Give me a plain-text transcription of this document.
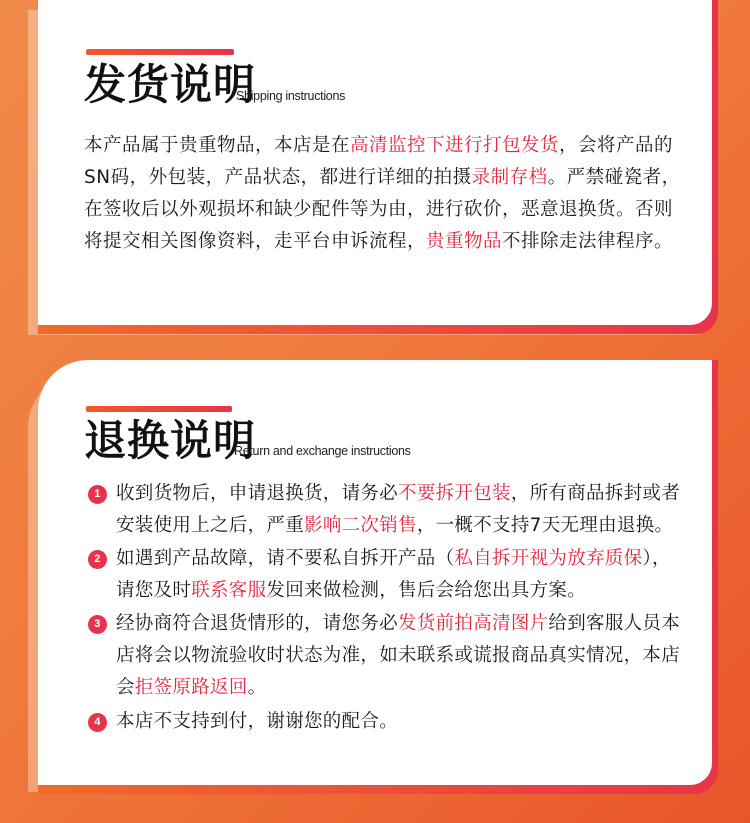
发货说明
Shipping instructions
本产品属于贵重物品，本店是在高清监控下进行打包发货，会将产品的SN码，外包装，产品状态，都进行详细的拍摄录制存档。严禁碰瓷者，在签收后以外观损坏和缺少配件等为由，进行砍价，恶意退换货。否则将提交相关图像资料，走平台申诉流程，贵重物品不排除走法律程序。
退换说明
Return and exchange instructions
1 收到货物后，申请退换货，请务必不要拆开包装，所有商品拆封或者安装使用上之后，严重影响二次销售，一概不支持7天无理由退换。
2 如遇到产品故障，请不要私自拆开产品（私自拆开视为放弃质保），请您及时联系客服发回来做检测，售后会给您出具方案。
3 经协商符合退货情形的，请您务必发货前拍高清图片给到客服人员本店将会以物流验收时状态为准，如未联系或谎报商品真实情况，本店会拒签原路返回。
4 本店不支持到付，谢谢您的配合。
